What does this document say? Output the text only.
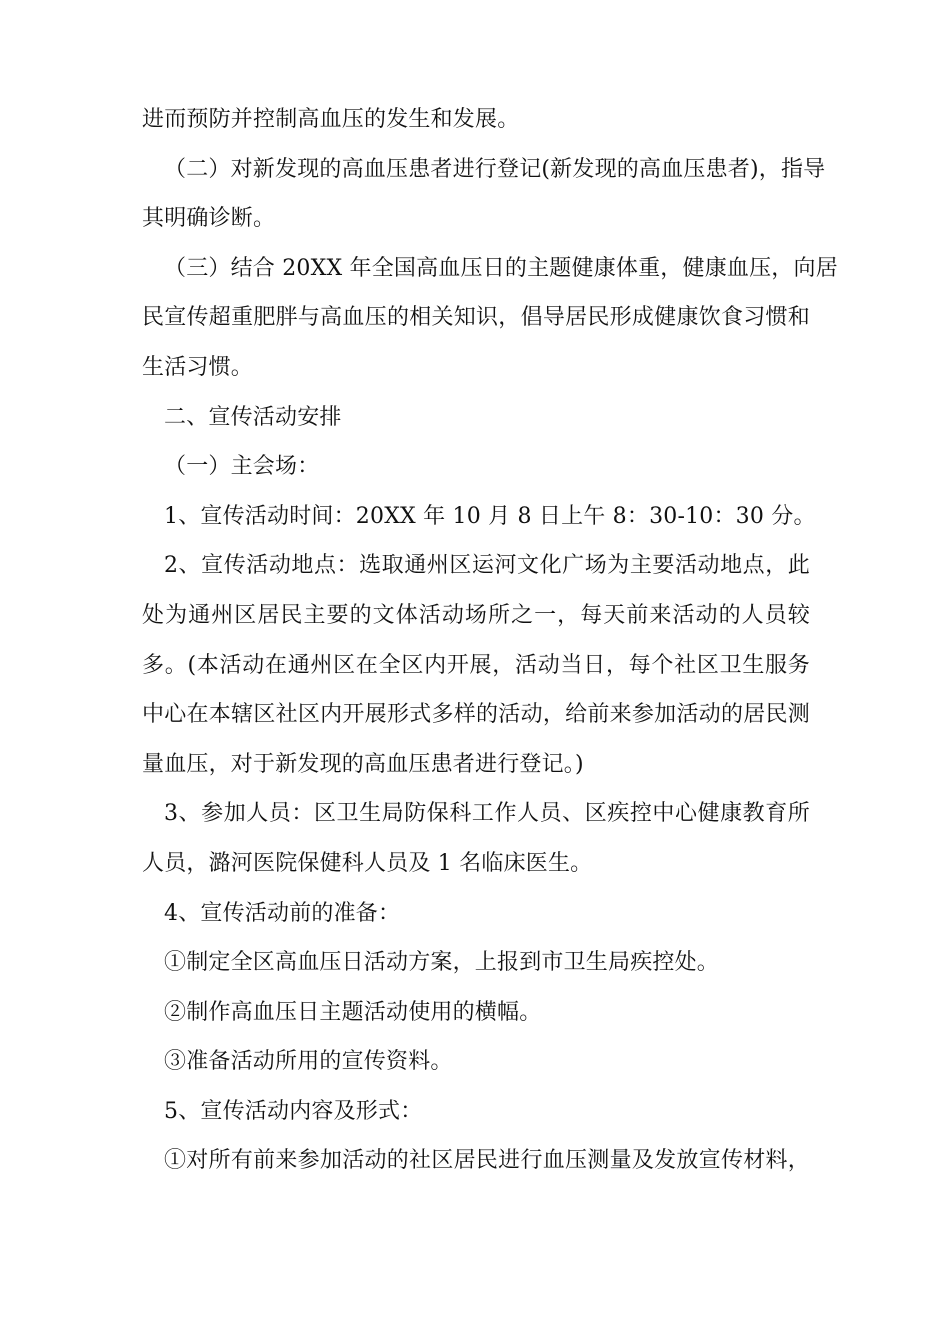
进而预防并控制高血压的发生和发展。
（二）对新发现的高血压患者进行登记(新发现的高血压患者)，指导
其明确诊断。
（三）结合 20XX 年全国高血压日的主题健康体重，健康血压，向居
民宣传超重肥胖与高血压的相关知识，倡导居民形成健康饮食习惯和
生活习惯。
二、宣传活动安排
（一）主会场：
1、宣传活动时间：20XX 年 10 月 8 日上午 8：30-10：30 分。
2、宣传活动地点：选取通州区运河文化广场为主要活动地点，此
处为通州区居民主要的文体活动场所之一，每天前来活动的人员较
多。(本活动在通州区在全区内开展，活动当日，每个社区卫生服务
中心在本辖区社区内开展形式多样的活动，给前来参加活动的居民测
量血压，对于新发现的高血压患者进行登记。)
3、参加人员：区卫生局防保科工作人员、区疾控中心健康教育所
人员，潞河医院保健科人员及 1 名临床医生。
4、宣传活动前的准备：
①制定全区高血压日活动方案，上报到市卫生局疾控处。
②制作高血压日主题活动使用的横幅。
③准备活动所用的宣传资料。
5、宣传活动内容及形式：
①对所有前来参加活动的社区居民进行血压测量及发放宣传材料，
